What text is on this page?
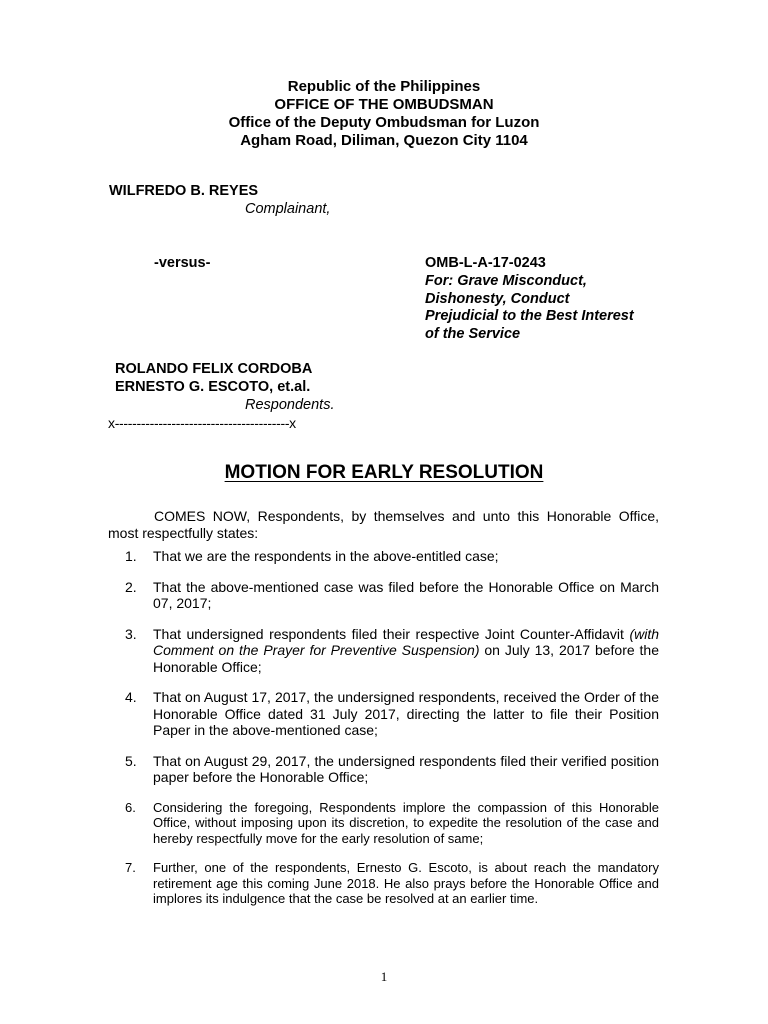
Republic of the Philippines
OFFICE OF THE OMBUDSMAN
Office of the Deputy Ombudsman for Luzon
Agham Road, Diliman, Quezon City 1104
WILFREDO B. REYES
Complainant,
-versus-	OMB-L-A-17-0243
For: Grave Misconduct, Dishonesty, Conduct Prejudicial to the Best Interest of the Service
ROLANDO FELIX CORDOBA
ERNESTO G. ESCOTO, et.al.
Respondents.
x----------------------------------------x
MOTION FOR EARLY RESOLUTION
COMES NOW, Respondents, by themselves and unto this Honorable Office, most respectfully states:
1. That we are the respondents in the above-entitled case;
2. That the above-mentioned case was filed before the Honorable Office on March 07, 2017;
3. That undersigned respondents filed their respective Joint Counter-Affidavit (with Comment on the Prayer for Preventive Suspension) on July 13, 2017 before the Honorable Office;
4. That on August 17, 2017, the undersigned respondents, received the Order of the Honorable Office dated 31 July 2017, directing the latter to file their Position Paper in the above-mentioned case;
5. That on August 29, 2017, the undersigned respondents filed their verified position paper before the Honorable Office;
6. Considering the foregoing, Respondents implore the compassion of this Honorable Office, without imposing upon its discretion, to expedite the resolution of the case and hereby respectfully move for the early resolution of same;
7. Further, one of the respondents, Ernesto G. Escoto, is about reach the mandatory retirement age this coming June 2018. He also prays before the Honorable Office and implores its indulgence that the case be resolved at an earlier time.
1
